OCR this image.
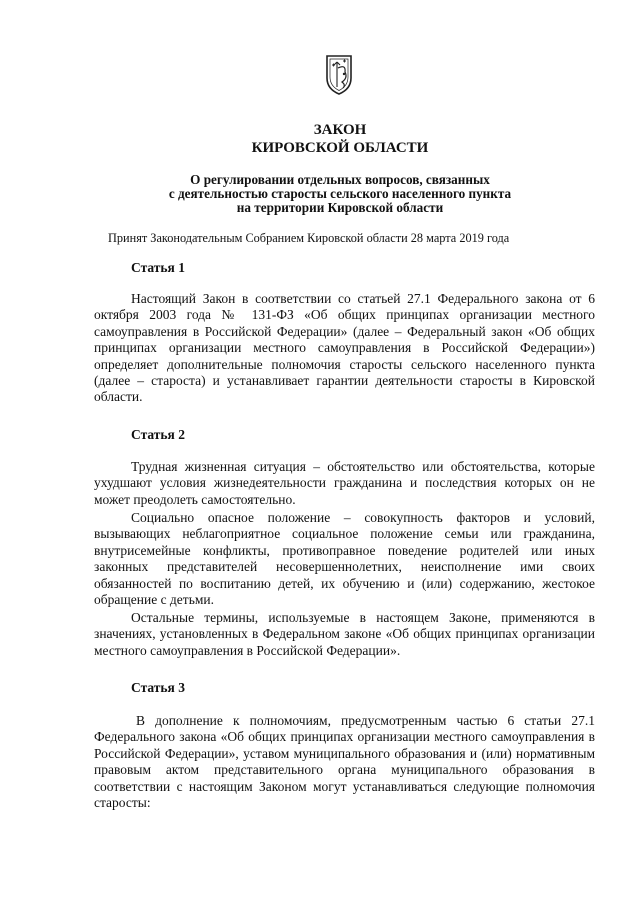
ЗАКОН
КИРОВСКОЙ ОБЛАСТИ
О регулировании отдельных вопросов, связанных
с деятельностью старосты сельского населенного пункта
на территории Кировской области
Принят Законодательным Собранием Кировской области 28 марта 2019 года
Статья 1
Настоящий Закон в соответствии со статьей 27.1 Федерального закона от 6 октября 2003 года № 131-ФЗ «Об общих принципах организации местного самоуправления в Российской Федерации» (далее – Федеральный закон «Об общих принципах организации местного самоуправления в Российской Федерации») определяет дополнительные полномочия старосты сельского населенного пункта (далее – староста) и устанавливает гарантии деятельности старосты в Кировской области.
Статья 2
Трудная жизненная ситуация – обстоятельство или обстоятельства, которые ухудшают условия жизнедеятельности гражданина и последствия которых он не может преодолеть самостоятельно.
Социально опасное положение – совокупность факторов и условий, вызывающих неблагоприятное социальное положение семьи или гражданина, внутрисемейные конфликты, противоправное поведение родителей или иных законных представителей несовершеннолетних, неисполнение ими своих обязанностей по воспитанию детей, их обучению и (или) содержанию, жестокое обращение с детьми.
Остальные термины, используемые в настоящем Законе, применяются в значениях, установленных в Федеральном законе «Об общих принципах организации местного самоуправления в Российской Федерации».
Статья 3
В дополнение к полномочиям, предусмотренным частью 6 статьи 27.1 Федерального закона «Об общих принципах организации местного самоуправления в Российской Федерации», уставом муниципального образования и (или) нормативным правовым актом представительного органа муниципального образования в соответствии с настоящим Законом могут устанавливаться следующие полномочия старосты:
